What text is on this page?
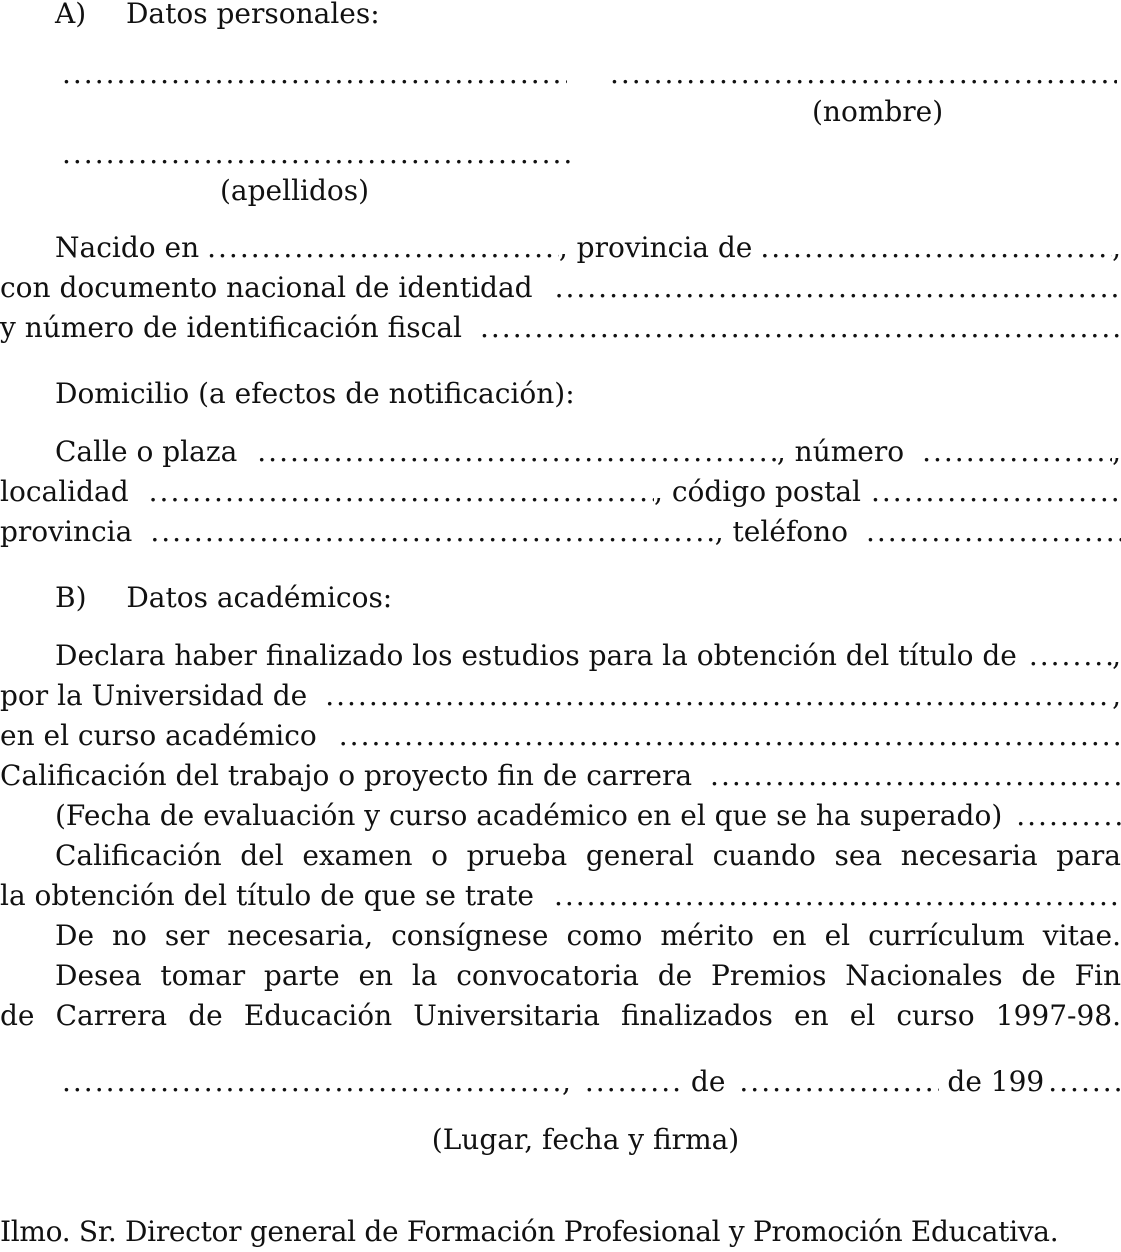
A) Datos personales:
.....
.....
(nombre)
.....
(apellidos)
Nacido en .....	, provincia de .....	,
con documento nacional de identidad
.....
y número de identificación fiscal
.....
Domicilio (a efectos de notificación):
Calle o plaza .....	, número .....	,
localidad .....	, código postal
.....
provincia .....	, teléfono
.....
B) Datos académicos:
Declara haber finalizado los estudios para la obtención del título de .....	,
por la Universidad de .....	,
en el curso académico
.....
Calificación del trabajo o proyecto fin de carrera
.....
(Fecha de evaluación y curso académico en el que se ha superado)
.....
Calificación del examen o prueba general cuando sea necesaria para
la obtención del título de que se trate
.....
De no ser necesaria, consígnese como mérito en el currículum vitae.
Desea tomar parte en la convocatoria de Premios Nacionales de Fin
de Carrera de Educación Universitaria finalizados en el curso 1997-98.
.....
, .....	de .....	de 199
.....
(Lugar, fecha y firma)
Ilmo. Sr. Director general de Formación Profesional y Promoción Educativa.
